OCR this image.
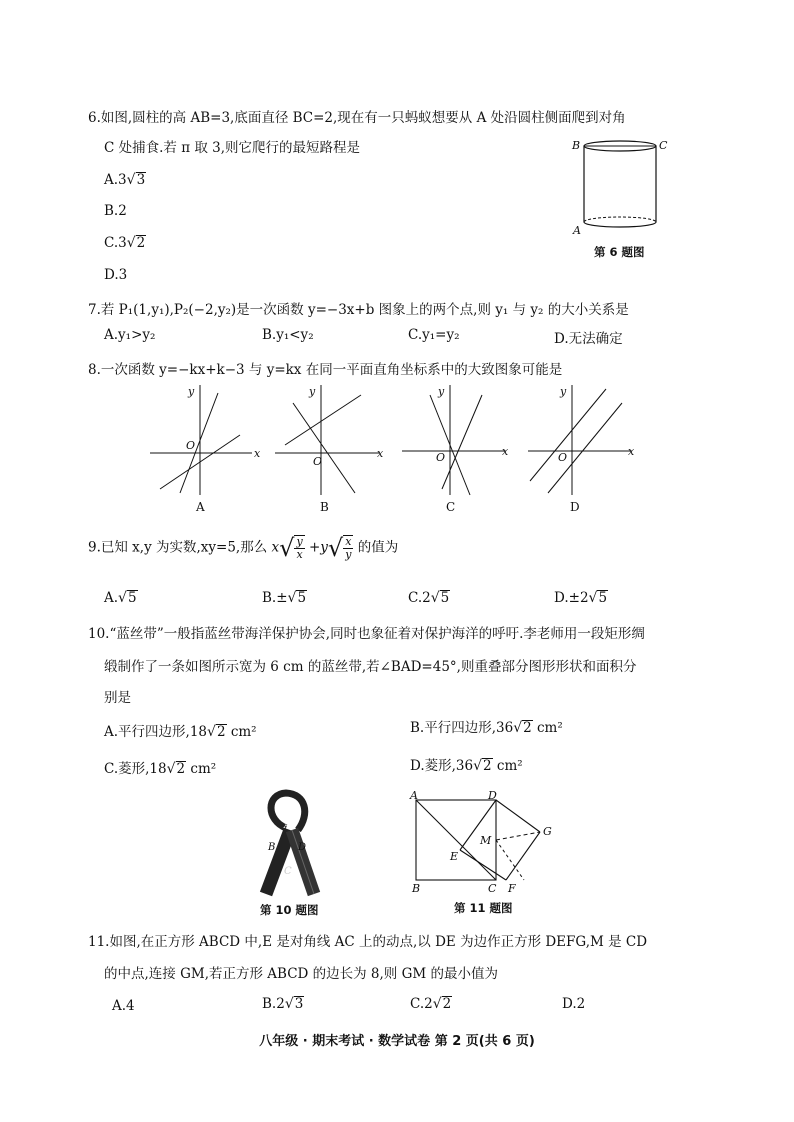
6.如图,圆柱的高 AB=3,底面直径 BC=2,现在有一只蚂蚁想要从 A 处沿圆柱侧面爬到对角
C 处捕食.若 π 取 3,则它爬行的最短路程是
A.3√3
B.2
C.3√2
D.3
B	C
A
第 6 题图
7.若 P₁(1,y₁),P₂(−2,y₂)是一次函数 y=−3x+b 图象上的两个点,则 y₁ 与 y₂ 的大小关系是
A.y₁>y₂	B.y₁<y₂	C.y₁=y₂	D.无法确定
8.一次函数 y=−kx+k−3 与 y=kx 在同一平面直角坐标系中的大致图象可能是
x
y
O
A
x
y
O
B
x
y
O
C
x
y
O
D
9.已知 x,y 为实数,xy=5,那么 $x√ \frac{y}{x} +y√ \frac{x}{y}$ 的值为
A.√5	B.±√5	C.2√5	D.±2√5
10.“蓝丝带”一般指蓝丝带海洋保护协会,同时也象征着对保护海洋的呼吁.李老师用一段矩形绸
缎制作了一条如图所示宽为 6 cm 的蓝丝带,若∠BAD=45°,则重叠部分图形形状和面积分
别是
A.平行四边形,18√2 cm²	B.平行四边形,36√2 cm²
C.菱形,18√2 cm²	D.菱形,36√2 cm²
A
B D
C
第 10 题图
A	D
G
M
E
B	C F
第 11 题图
11.如图,在正方形 ABCD 中,E 是对角线 AC 上的动点,以 DE 为边作正方形 DEFG,M 是 CD
的中点,连接 GM,若正方形 ABCD 的边长为 8,则 GM 的最小值为
A.4	B.2√3	C.2√2	D.2
八年级 · 期末考试 · 数学试卷 第 2 页(共 6 页)
